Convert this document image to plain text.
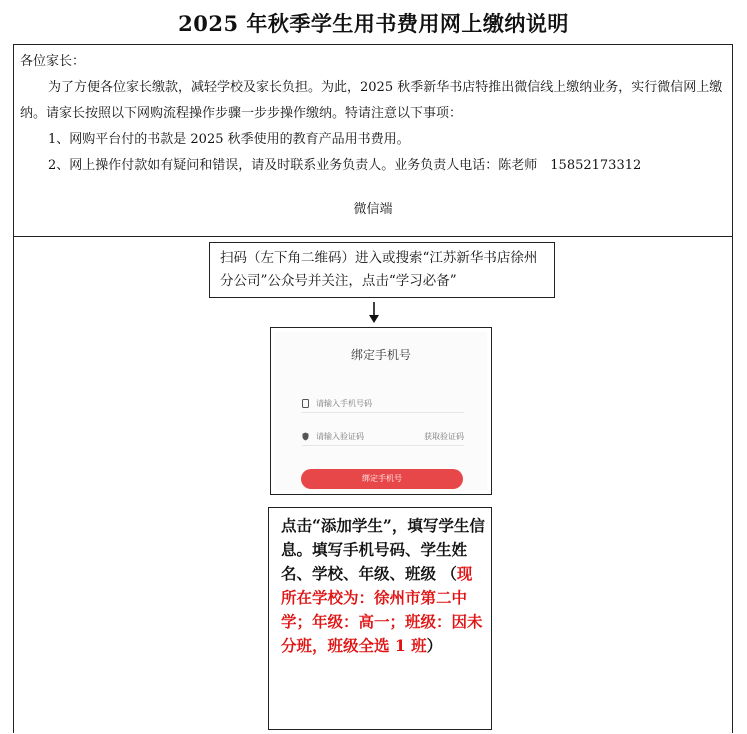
2025 年秋季学生用书费用网上缴纳说明
各位家长：
为了方便各位家长缴款，减轻学校及家长负担。为此，2025 秋季新华书店特推出微信线上缴纳业务，实行微信网上缴纳。请家长按照以下网购流程操作步骤一步步操作缴纳。特请注意以下事项：
1、网购平台付的书款是 2025 秋季使用的教育产品用书费用。
2、网上操作付款如有疑问和错误，请及时联系业务负责人。业务负责人电话：陈老师　15852173312
微信端
扫码（左下角二维码）进入或搜索“江苏新华书店徐州分公司”公众号并关注，点击“学习必备”
绑定手机号
请输入手机号码
请输入验证码	获取验证码
绑定手机号
点击“添加学生”，填写学生信息。填写手机号码、学生姓名、学校、年级、班级 （现所在学校为：徐州市第二中学；年级：高一；班级：因未分班，班级全选 1 班）
